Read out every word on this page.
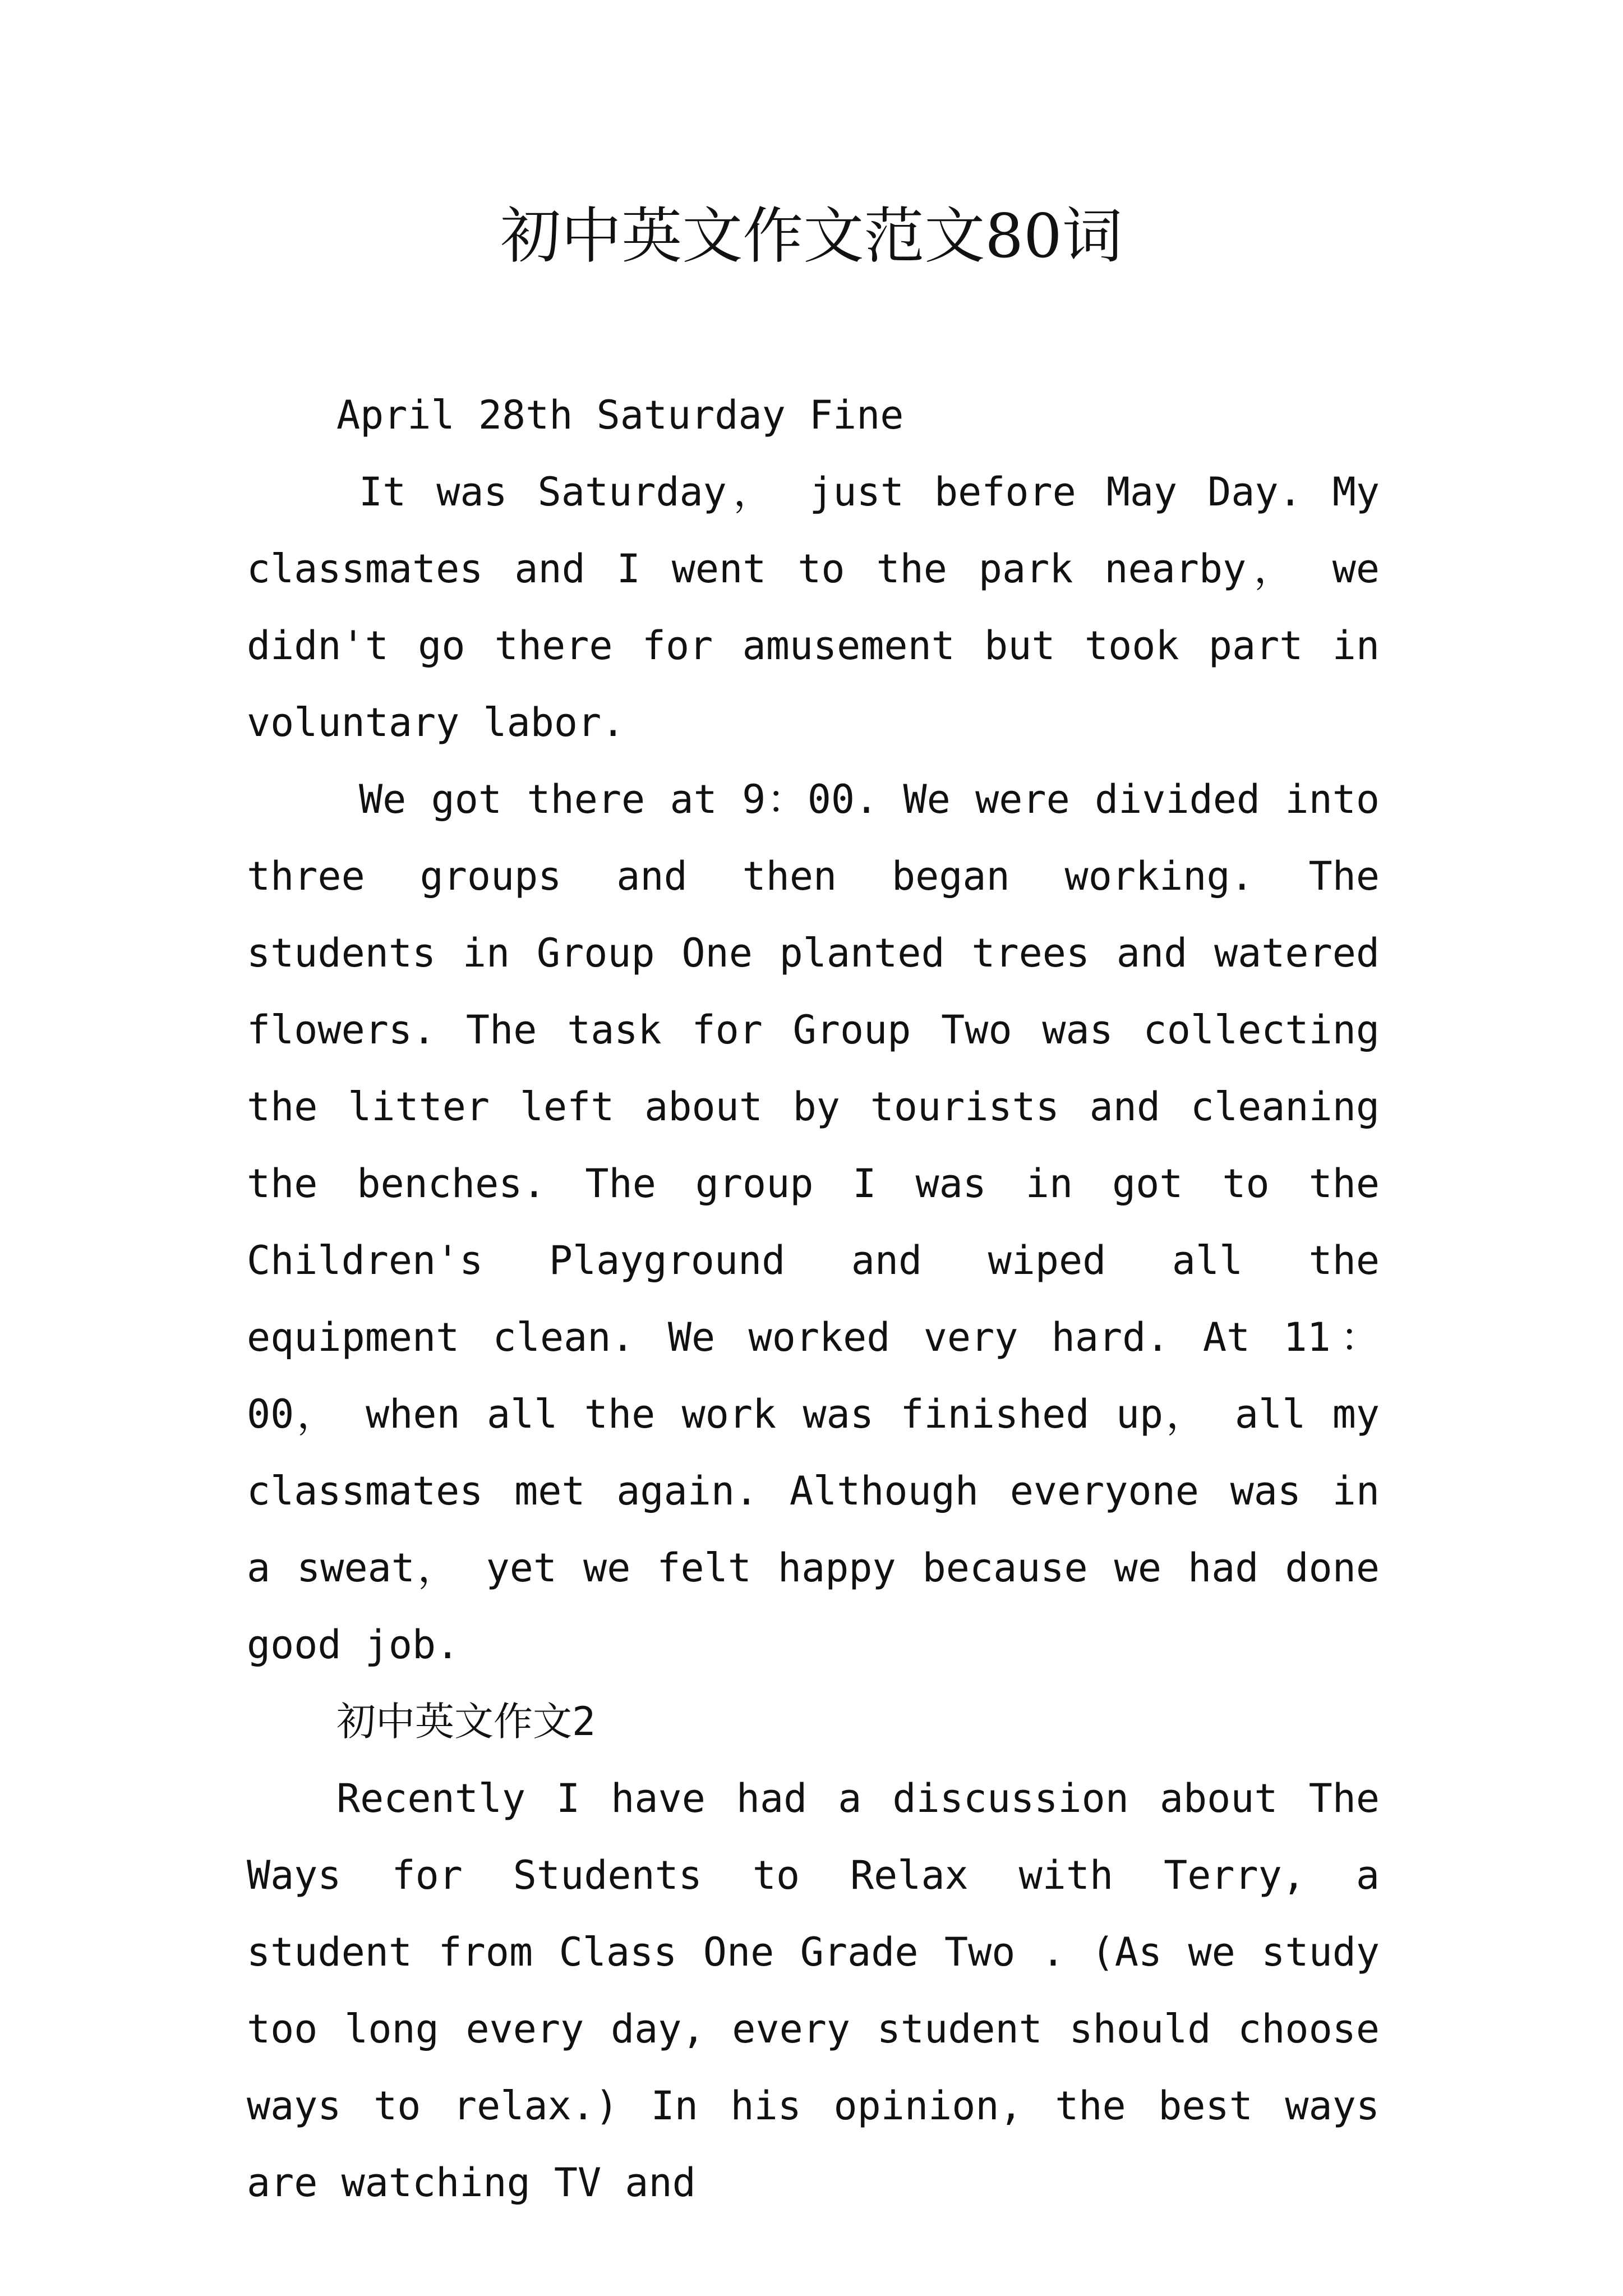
初中英文作文范文80词

April 28th Saturday Fine

It was Saturday， just before May Day. My classmates and I went to the park nearby， we didn't go there for amusement but took part in voluntary labor.

We got there at 9：00. We were divided into three groups and then began working. The students in Group One planted trees and watered flowers. The task for Group Two was collecting the litter left about by tourists and cleaning the benches. The group I was in got to the Children's Playground and wiped all the equipment clean. We worked very hard. At 11：00， when all the work was finished up， all my classmates met again. Although everyone was in a sweat， yet we felt happy because we had done good job.

初中英文作文2

Recently I have had a discussion about The Ways for Students to Relax with Terry, a student from Class One Grade Two . (As we study too long every day, every student should choose ways to relax.) In his opinion, the best ways are watching TV and
